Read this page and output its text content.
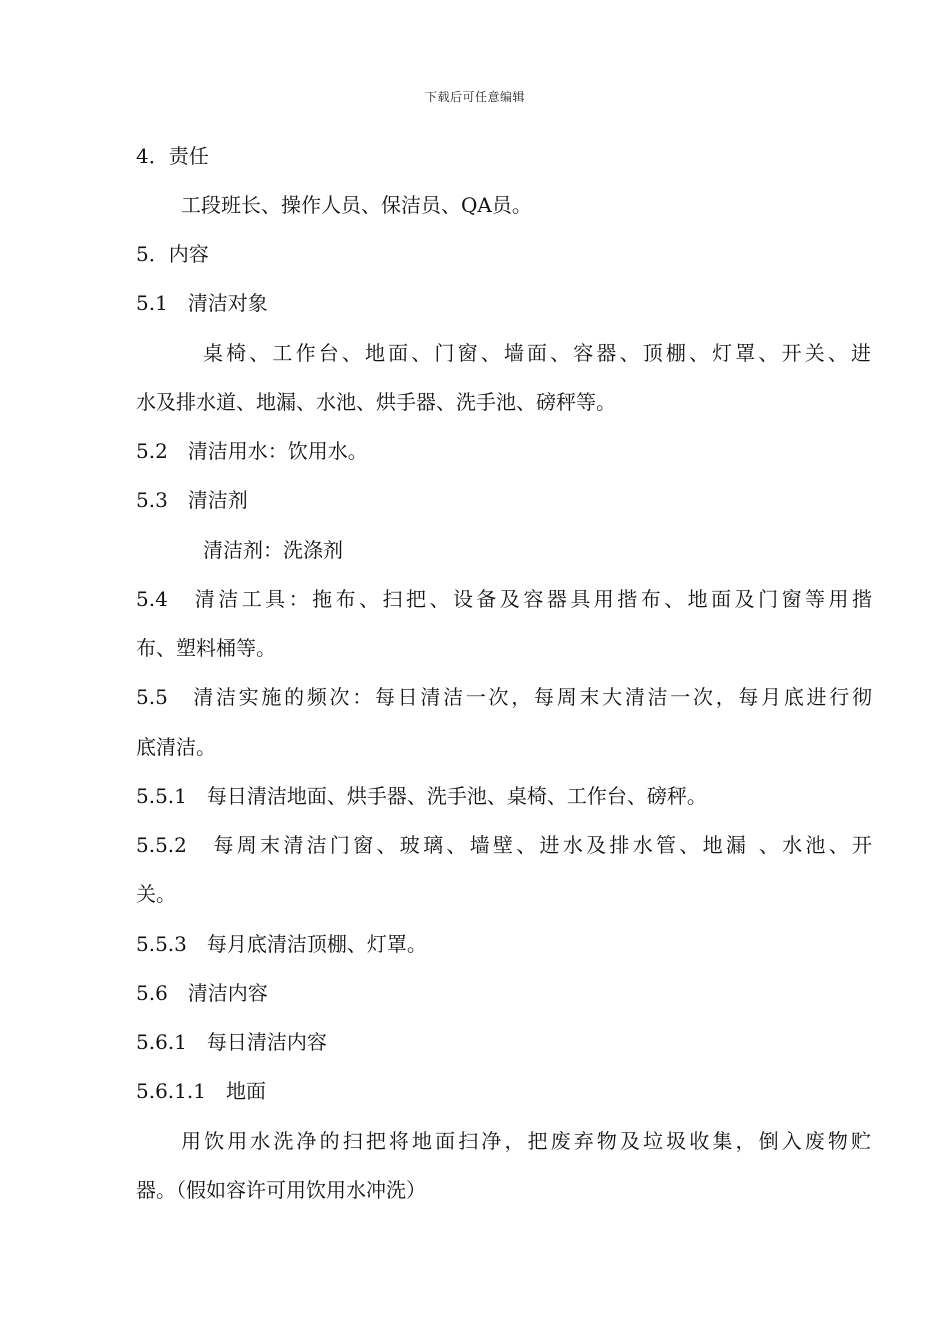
下载后可任意编辑
4．责任
工段班长、操作人员、保洁员、QA员。
5．内容
5.1　清洁对象
桌椅、工作台、地面、门窗、墙面、容器、顶棚、灯罩、开关、进
水及排水道、地漏、水池、烘手器、洗手池、磅秤等。
5.2　清洁用水：饮用水。
5.3　清洁剂
清洁剂：洗涤剂
5.4　清洁工具：拖布、扫把、设备及容器具用揩布、地面及门窗等用揩
布、塑料桶等。
5.5　清洁实施的频次：每日清洁一次，每周末大清洁一次，每月底进行彻
底清洁。
5.5.1　每日清洁地面、烘手器、洗手池、桌椅、工作台、磅秤。
5.5.2　每周末清洁门窗、玻璃、墙壁、进水及排水管、地漏 、水池、开
关。
5.5.3　每月底清洁顶棚、灯罩。
5.6　清洁内容
5.6.1　每日清洁内容
5.6.1.1　地面
用饮用水洗净的扫把将地面扫净，把废弃物及垃圾收集，倒入废物贮
器。（假如容许可用饮用水冲洗）
